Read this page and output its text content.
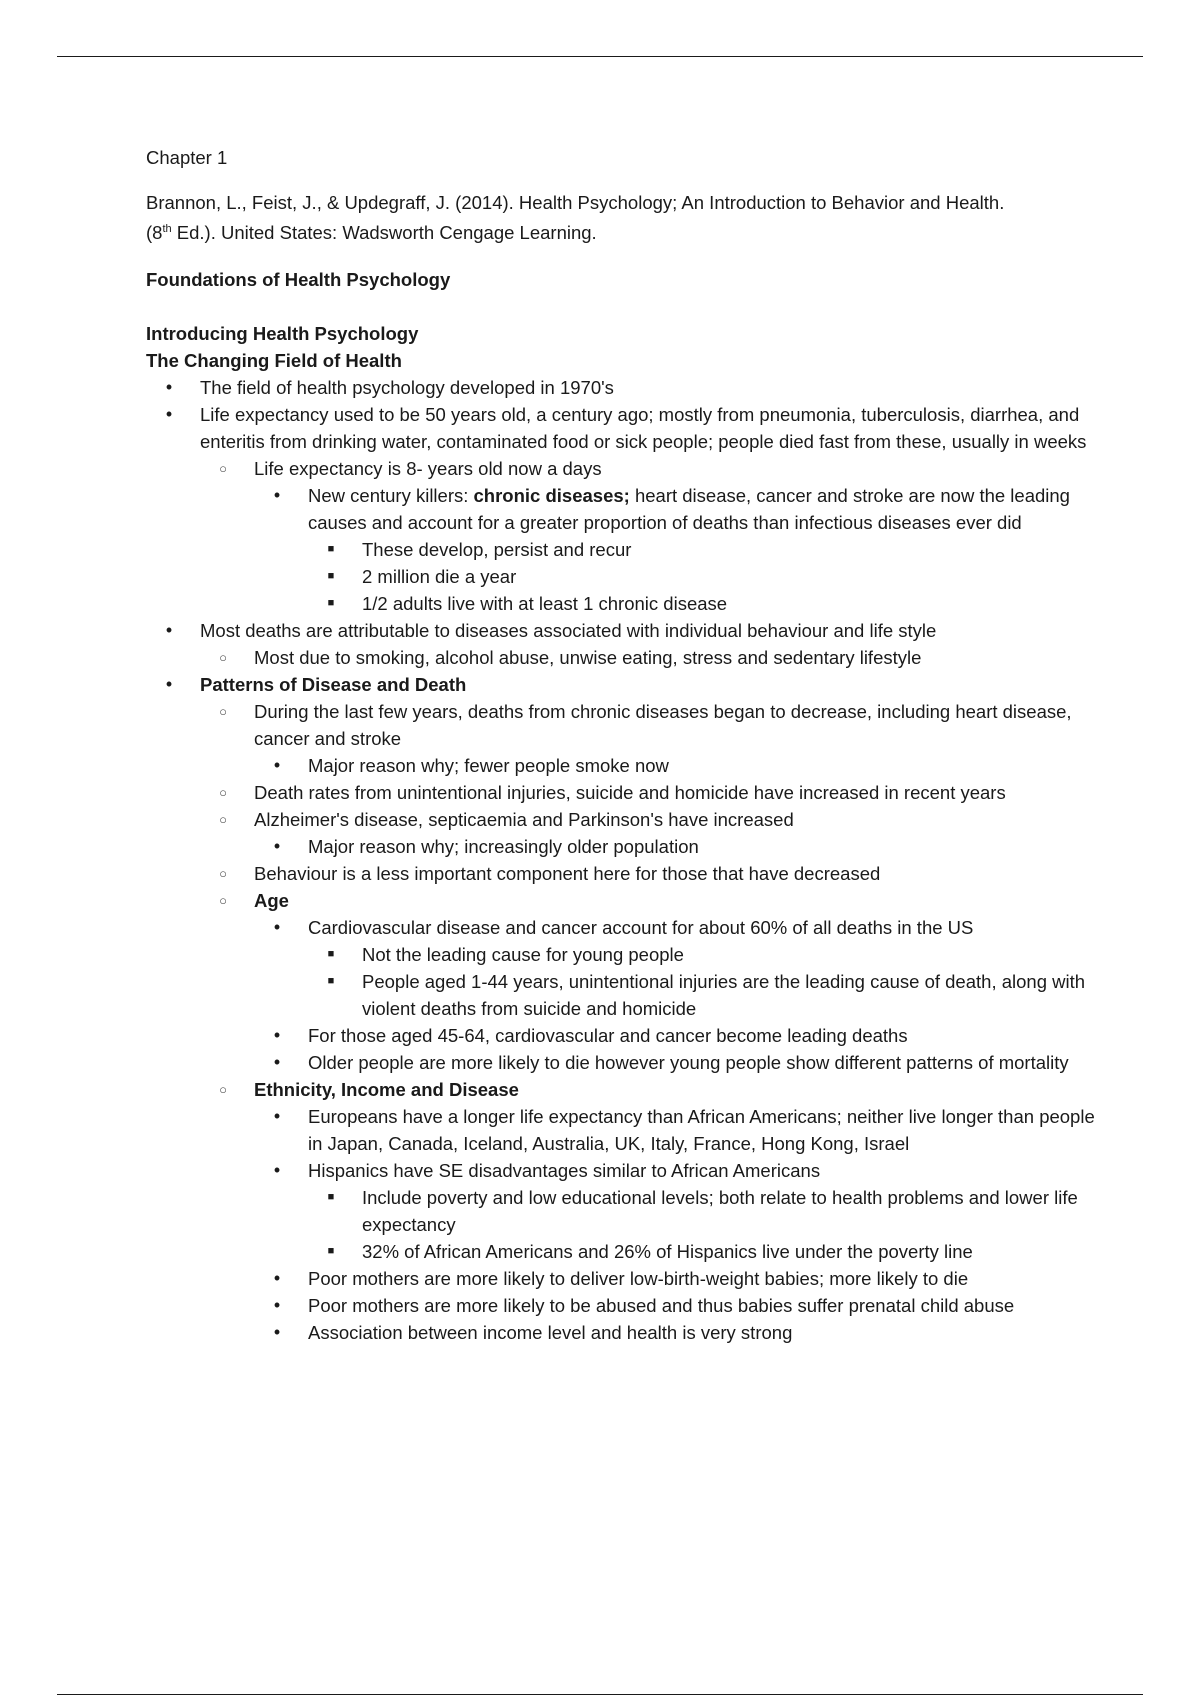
Chapter 1

Brannon, L., Feist, J., & Updegraff, J. (2014). Health Psychology; An Introduction to Behavior and Health.

(8th Ed.). United States: Wadsworth Cengage Learning.

Foundations of Health Psychology

Introducing Health Psychology

The Changing Field of Health

•	The field of health psychology developed in 1970's
•	Life expectancy used to be 50 years old, a century ago; mostly from pneumonia, tuberculosis, diarrhea, and enteritis from drinking water, contaminated food or sick people; people died fast from these, usually in weeks
○	Life expectancy is 8- years old now a days
•	New century killers: chronic diseases; heart disease, cancer and stroke are now the leading causes and account for a greater proportion of deaths than infectious diseases ever did
■	These develop, persist and recur
■	2 million die a year
■	1/2 adults live with at least 1 chronic disease
•	Most deaths are attributable to diseases associated with individual behaviour and life style
○	Most due to smoking, alcohol abuse, unwise eating, stress and sedentary lifestyle
•	Patterns of Disease and Death
○	During the last few years, deaths from chronic diseases began to decrease, including heart disease, cancer and stroke
•	Major reason why; fewer people smoke now
○	Death rates from unintentional injuries, suicide and homicide have increased in recent years
○	Alzheimer's disease, septicaemia and Parkinson's have increased
•	Major reason why; increasingly older population
○	Behaviour is a less important component here for those that have decreased
○	Age
•	Cardiovascular disease and cancer account for about 60% of all deaths in the US
■	Not the leading cause for young people
■	People aged 1-44 years, unintentional injuries are the leading cause of death, along with violent deaths from suicide and homicide
•	For those aged 45-64, cardiovascular and cancer become leading deaths
•	Older people are more likely to die however young people show different patterns of mortality
○	Ethnicity, Income and Disease
•	Europeans have a longer life expectancy than African Americans; neither live longer than people in Japan, Canada, Iceland, Australia, UK, Italy, France, Hong Kong, Israel
•	Hispanics have SE disadvantages similar to African Americans
■	Include poverty and low educational levels; both relate to health problems and lower life expectancy
■	32% of African Americans and 26% of Hispanics live under the poverty line
•	Poor mothers are more likely to deliver low-birth-weight babies; more likely to die
•	Poor mothers are more likely to be abused and thus babies suffer prenatal child abuse
•	Association between income level and health is very strong
